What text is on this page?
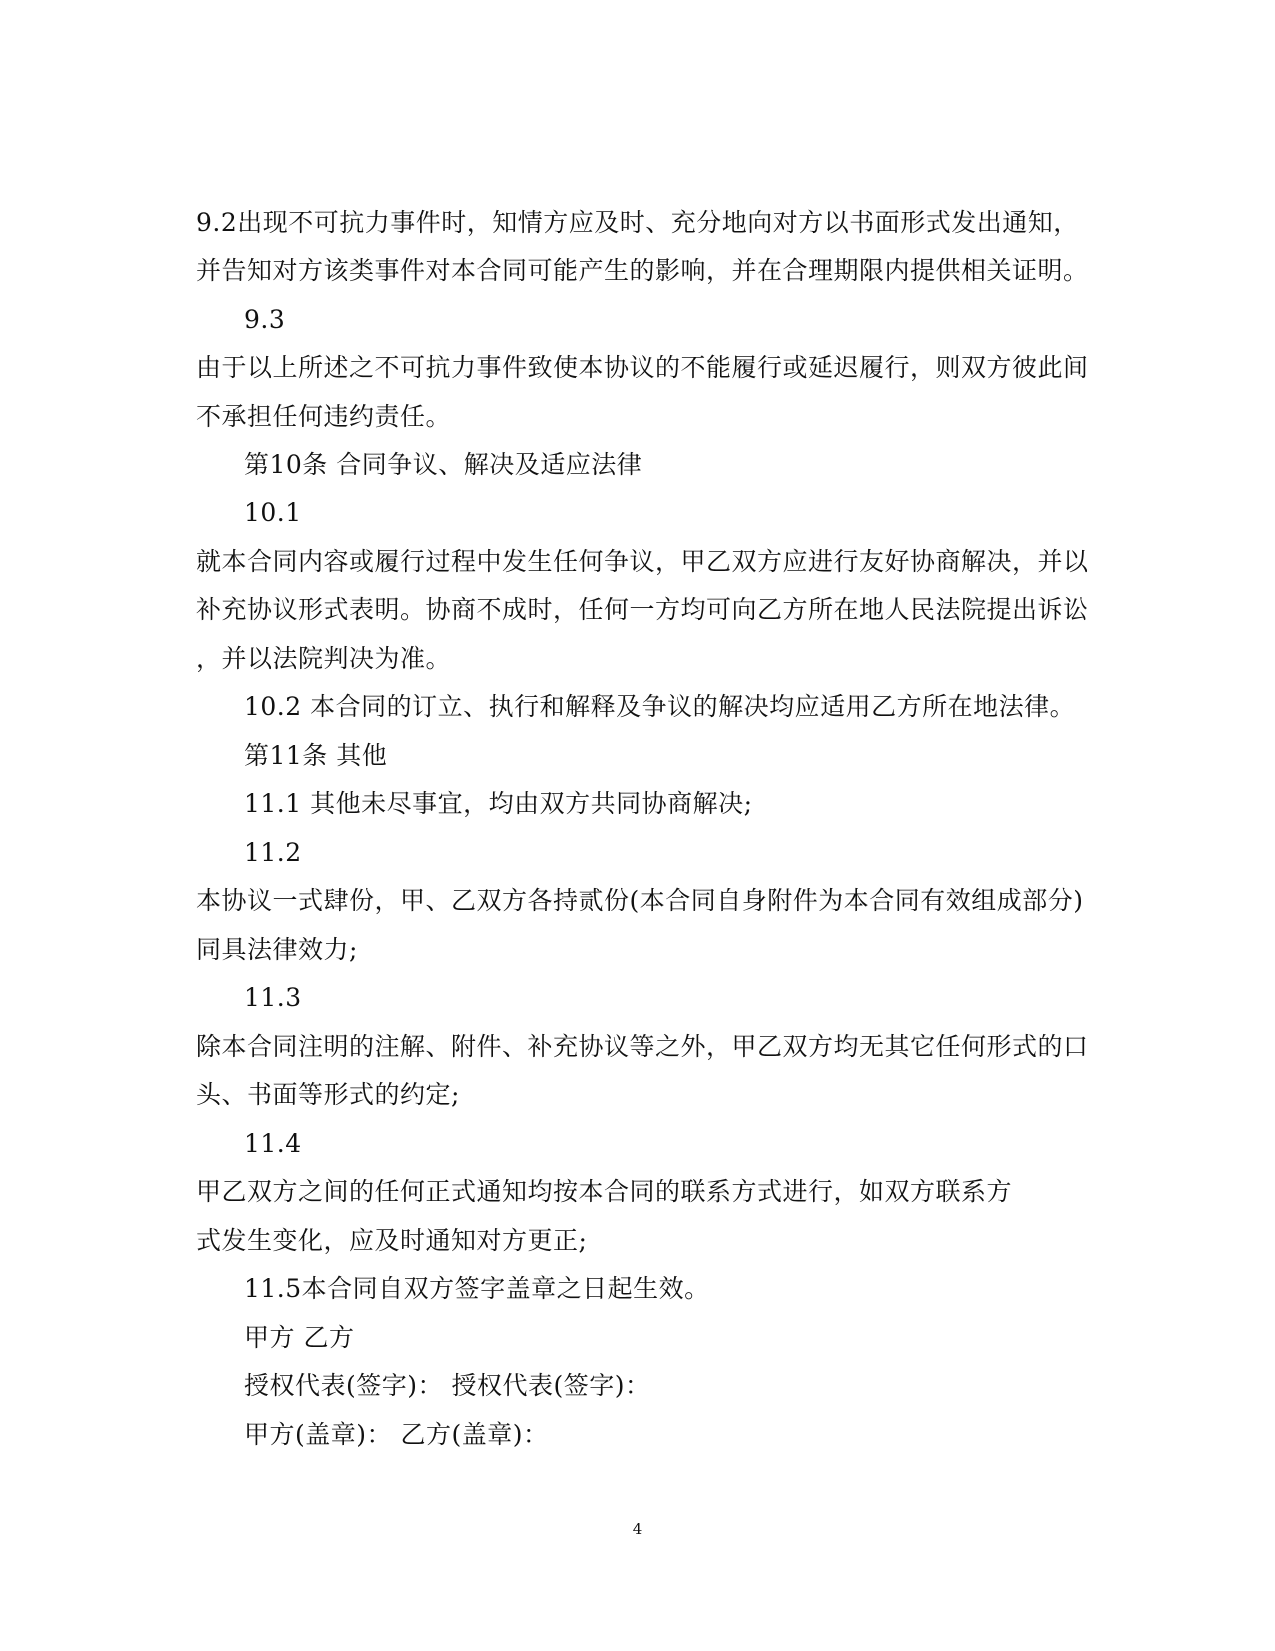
9.2出现不可抗力事件时，知情方应及时、充分地向对方以书面形式发出通知，
并告知对方该类事件对本合同可能产生的影响，并在合理期限内提供相关证明。
9.3
由于以上所述之不可抗力事件致使本协议的不能履行或延迟履行，则双方彼此间
不承担任何违约责任。
第10条 合同争议、解决及适应法律
10.1
就本合同内容或履行过程中发生任何争议，甲乙双方应进行友好协商解决，并以
补充协议形式表明。协商不成时，任何一方均可向乙方所在地人民法院提出诉讼
，并以法院判决为准。
10.2 本合同的订立、执行和解释及争议的解决均应适用乙方所在地法律。
第11条 其他
11.1 其他未尽事宜，均由双方共同协商解决;
11.2
本协议一式肆份，甲、乙双方各持贰份(本合同自身附件为本合同有效组成部分)
同具法律效力;
11.3
除本合同注明的注解、附件、补充协议等之外，甲乙双方均无其它任何形式的口
头、书面等形式的约定;
11.4
甲乙双方之间的任何正式通知均按本合同的联系方式进行，如双方联系方
式发生变化，应及时通知对方更正;
11.5本合同自双方签字盖章之日起生效。
甲方 乙方
授权代表(签字)： 授权代表(签字)：
甲方(盖章)： 乙方(盖章)：
4
